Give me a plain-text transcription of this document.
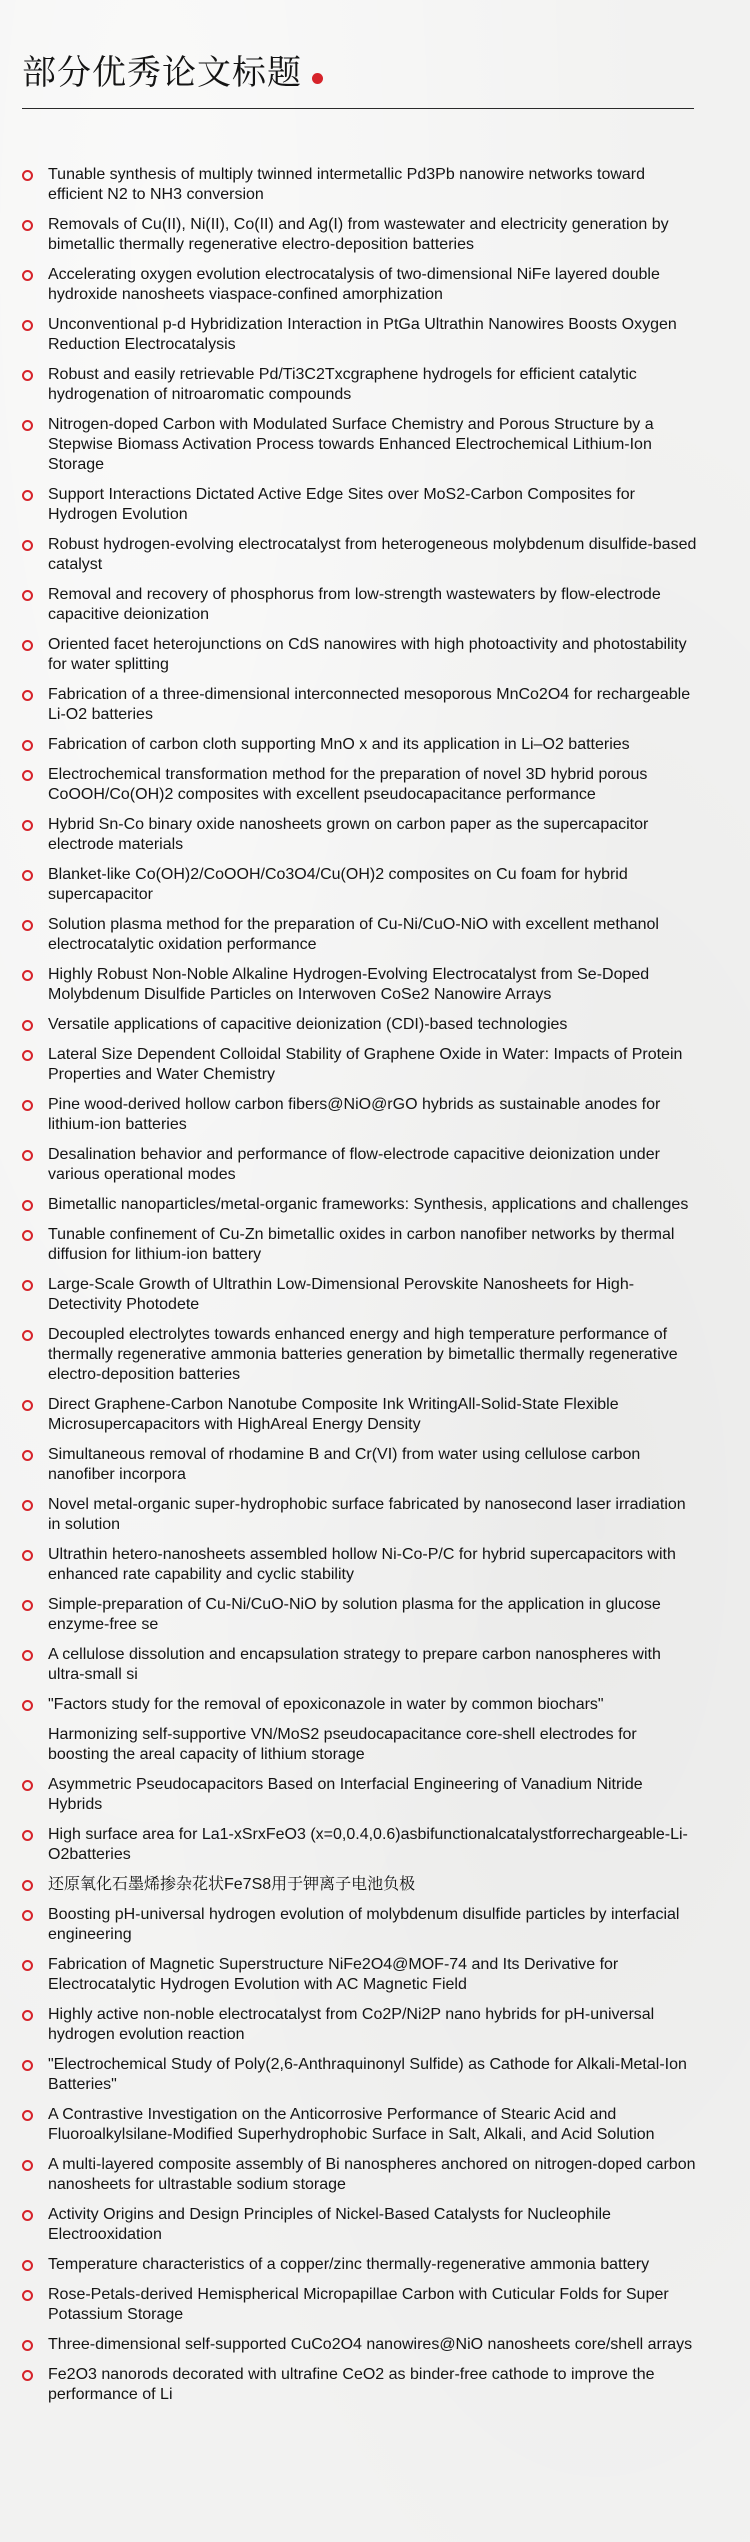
部分优秀论文标题
Tunable synthesis of multiply twinned intermetallic Pd3Pb nanowire networks toward efficient N2 to NH3 conversion
Removals of Cu(II), Ni(II), Co(II) and Ag(I) from wastewater and electricity generation by bimetallic thermally regenerative electro-deposition batteries
Accelerating oxygen evolution electrocatalysis of two-dimensional NiFe layered double hydroxide nanosheets viaspace-confined amorphization
Unconventional p-d Hybridization Interaction in PtGa Ultrathin Nanowires Boosts Oxygen Reduction Electrocatalysis
Robust and easily retrievable Pd/Ti3C2Txcgraphene hydrogels for efficient catalytic hydrogenation of nitroaromatic compounds
Nitrogen-doped Carbon with Modulated Surface Chemistry and Porous Structure by a Stepwise Biomass Activation Process towards Enhanced Electrochemical Lithium-Ion Storage
Support Interactions Dictated Active Edge Sites over MoS2-Carbon Composites for Hydrogen Evolution
Robust hydrogen-evolving electrocatalyst from heterogeneous molybdenum disulfide-based catalyst
Removal and recovery of phosphorus from low-strength wastewaters by flow-electrode capacitive deionization
Oriented facet heterojunctions on CdS nanowires with high photoactivity and photostability for water splitting
Fabrication of a three-dimensional interconnected mesoporous MnCo2O4 for rechargeable Li-O2 batteries
Fabrication of carbon cloth supporting MnO x and its application in Li–O2 batteries
Electrochemical transformation method for the preparation of novel 3D hybrid porous CoOOH/Co(OH)2 composites with excellent pseudocapacitance performance
Hybrid Sn-Co binary oxide nanosheets grown on carbon paper as the supercapacitor electrode materials
Blanket-like Co(OH)2/CoOOH/Co3O4/Cu(OH)2 composites on Cu foam for hybrid supercapacitor
Solution plasma method for the preparation of Cu-Ni/CuO-NiO with excellent methanol electrocatalytic oxidation performance
Highly Robust Non-Noble Alkaline Hydrogen-Evolving Electrocatalyst from Se-Doped Molybdenum Disulfide Particles on Interwoven CoSe2 Nanowire Arrays
Versatile applications of capacitive deionization (CDI)-based technologies
Lateral Size Dependent Colloidal Stability of Graphene Oxide in Water: Impacts of Protein Properties and Water Chemistry
Pine wood-derived hollow carbon fibers@NiO@rGO hybrids as sustainable anodes for lithium-ion batteries
Desalination behavior and performance of flow-electrode capacitive deionization under various operational modes
Bimetallic nanoparticles/metal-organic frameworks: Synthesis, applications and challenges
Tunable confinement of Cu-Zn bimetallic oxides in carbon nanofiber networks by thermal diffusion for lithium-ion battery
Large-Scale Growth of Ultrathin Low-Dimensional Perovskite Nanosheets for High-Detectivity Photodete
Decoupled electrolytes towards enhanced energy and high temperature performance of thermally regenerative ammonia batteries generation by bimetallic thermally regenerative electro-deposition batteries
Direct Graphene-Carbon Nanotube Composite Ink WritingAll-Solid-State Flexible Microsupercapacitors with HighAreal Energy Density
Simultaneous removal of rhodamine B and Cr(VI) from water using cellulose carbon nanofiber incorpora
Novel metal-organic super-hydrophobic surface fabricated by nanosecond laser irradiation in solution
Ultrathin hetero-nanosheets assembled hollow Ni-Co-P/C for hybrid supercapacitors with enhanced rate capability and cyclic stability
Simple-preparation of Cu-Ni/CuO-NiO by solution plasma for the application in glucose enzyme-free se
A cellulose dissolution and encapsulation strategy to prepare carbon nanospheres with ultra-small si
"Factors study for the removal of epoxiconazole in water by common biochars"
Harmonizing self-supportive VN/MoS2 pseudocapacitance core-shell electrodes for boosting the areal capacity of lithium storage
Asymmetric Pseudocapacitors Based on Interfacial Engineering of Vanadium Nitride Hybrids
High surface area for La1-xSrxFeO3 (x=0,0.4,0.6)asbifunctionalcatalystforrechargeable-Li-O2batteries
还原氧化石墨烯掺杂花状Fe7S8用于钾离子电池负极
Boosting pH-universal hydrogen evolution of molybdenum disulfide particles by interfacial engineering
Fabrication of Magnetic Superstructure NiFe2O4@MOF-74 and Its Derivative for Electrocatalytic Hydrogen Evolution with AC Magnetic Field
Highly active non-noble electrocatalyst from Co2P/Ni2P nano hybrids for pH-universal hydrogen evolution reaction
"Electrochemical Study of Poly(2,6-Anthraquinonyl Sulfide) as Cathode for Alkali-Metal-Ion Batteries"
A Contrastive Investigation on the Anticorrosive Performance of Stearic Acid and Fluoroalkylsilane-Modified Superhydrophobic Surface in Salt, Alkali, and Acid Solution
A multi-layered composite assembly of Bi nanospheres anchored on nitrogen-doped carbon nanosheets for ultrastable sodium storage
Activity Origins and Design Principles of Nickel-Based Catalysts for Nucleophile Electrooxidation
Temperature characteristics of a copper/zinc thermally-regenerative ammonia battery
Rose-Petals-derived Hemispherical Micropapillae Carbon with Cuticular Folds for Super Potassium Storage
Three-dimensional self-supported CuCo2O4 nanowires@NiO nanosheets core/shell arrays
Fe2O3 nanorods decorated with ultrafine CeO2 as binder-free cathode to improve the performance of Li
